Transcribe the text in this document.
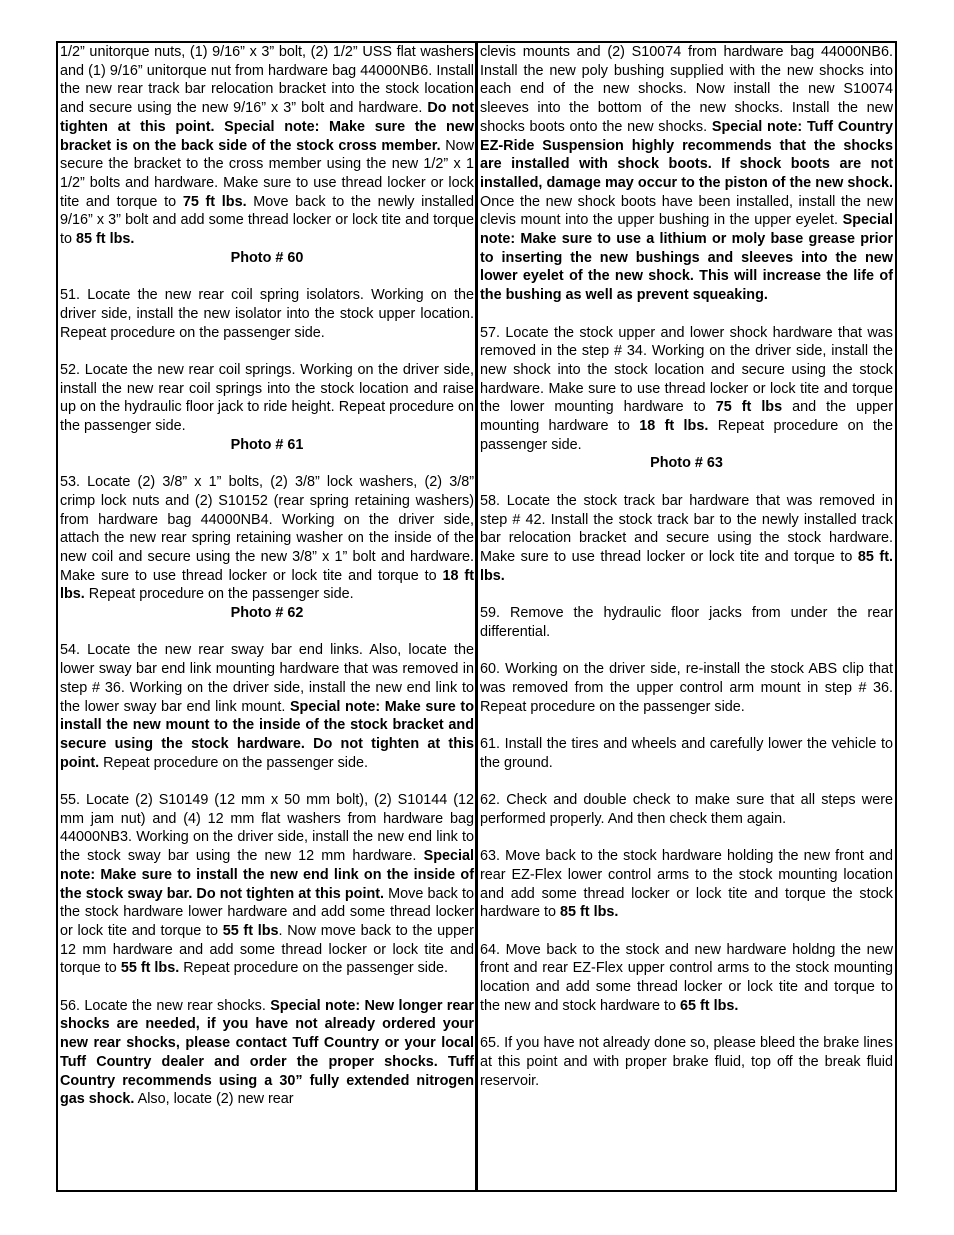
1/2” unitorque nuts, (1) 9/16” x 3” bolt, (2) 1/2” USS flat washers and (1) 9/16” unitorque nut from hardware bag 44000NB6. Install the new rear track bar relocation bracket into the stock location and secure using the new 9/16” x 3” bolt and hardware. Do not tighten at this point. Special note: Make sure the new bracket is on the back side of the stock cross member. Now secure the bracket to the cross member using the new 1/2” x 1 1/2” bolts and hardware. Make sure to use thread locker or lock tite and torque to 75 ft lbs. Move back to the newly installed 9/16” x 3” bolt and add some thread locker or lock tite and torque to 85 ft lbs.

Photo # 60

51. Locate the new rear coil spring isolators. Working on the driver side, install the new isolator into the stock upper location. Repeat procedure on the passenger side.

52. Locate the new rear coil springs. Working on the driver side, install the new rear coil springs into the stock location and raise up on the hydraulic floor jack to ride height. Repeat procedure on the passenger side.

Photo # 61

53. Locate (2) 3/8” x 1” bolts, (2) 3/8” lock washers, (2) 3/8” crimp lock nuts and (2) S10152 (rear spring retaining washers) from hardware bag 44000NB4. Working on the driver side, attach the new rear spring retaining washer on the inside of the new coil and secure using the new 3/8” x 1” bolt and hardware. Make sure to use thread locker or lock tite and torque to 18 ft lbs. Repeat procedure on the passenger side.

Photo # 62

54. Locate the new rear sway bar end links. Also, locate the lower sway bar end link mounting hardware that was removed in step # 36. Working on the driver side, install the new end link to the lower sway bar end link mount. Special note: Make sure to install the new mount to the inside of the stock bracket and secure using the stock hardware. Do not tighten at this point. Repeat procedure on the passenger side.

55. Locate (2) S10149 (12 mm x 50 mm bolt), (2) S10144 (12 mm jam nut) and (4) 12 mm flat washers from hardware bag 44000NB3. Working on the driver side, install the new end link to the stock sway bar using the new 12 mm hardware. Special note: Make sure to install the new end link on the inside of the stock sway bar. Do not tighten at this point. Move back to the stock hardware lower hardware and add some thread locker or lock tite and torque to 55 ft lbs. Now move back to the upper 12 mm hardware and add some thread locker or lock tite and torque to 55 ft lbs. Repeat procedure on the passenger side.

56. Locate the new rear shocks. Special note: New longer rear shocks are needed, if you have not already ordered your new rear shocks, please contact Tuff Country or your local Tuff Country dealer and order the proper shocks. Tuff Country recommends using a 30” fully extended nitrogen gas shock. Also, locate (2) new rear

clevis mounts and (2) S10074 from hardware bag 44000NB6. Install the new poly bushing supplied with the new shocks into each end of the new shocks. Now install the new S10074 sleeves into the bottom of the new shocks. Install the new shocks boots onto the new shocks. Special note: Tuff Country EZ-Ride Suspension highly recommends that the shocks are installed with shock boots. If shock boots are not installed, damage may occur to the piston of the new shock. Once the new shock boots have been installed, install the new clevis mount into the upper bushing in the upper eyelet. Special note: Make sure to use a lithium or moly base grease prior to inserting the new bushings and sleeves into the new lower eyelet of the new shock. This will increase the life of the bushing as well as prevent squeaking.

57. Locate the stock upper and lower shock hardware that was removed in the step # 34. Working on the driver side, install the new shock into the stock location and secure using the stock hardware. Make sure to use thread locker or lock tite and torque the lower mounting hardware to 75 ft lbs and the upper mounting hardware to 18 ft lbs. Repeat procedure on the passenger side.

Photo # 63

58. Locate the stock track bar hardware that was removed in step # 42. Install the stock track bar to the newly installed track bar relocation bracket and secure using the stock hardware. Make sure to use thread locker or lock tite and torque to 85 ft. lbs.

59. Remove the hydraulic floor jacks from under the rear differential.

60. Working on the driver side, re-install the stock ABS clip that was removed from the upper control arm mount in step # 36. Repeat procedure on the passenger side.

61. Install the tires and wheels and carefully lower the vehicle to the ground.

62. Check and double check to make sure that all steps were performed properly. And then check them again.

63. Move back to the stock hardware holding the new front and rear EZ-Flex lower control arms to the stock mounting location and add some thread locker or lock tite and torque the stock hardware to 85 ft lbs.

64. Move back to the stock and new hardware holdng the new front and rear EZ-Flex upper control arms to the stock mounting location and add some thread locker or lock tite and torque to the new and stock hardware to 65 ft lbs.

65. If you have not already done so, please bleed the brake lines at this point and with proper brake fluid, top off the break fluid reservoir.
